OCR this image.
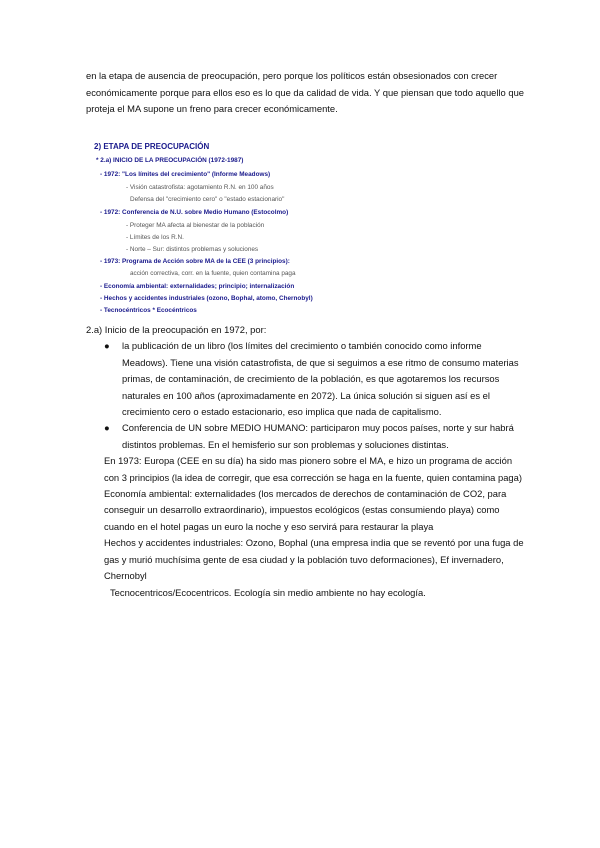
en la etapa de ausencia de preocupación, pero porque los políticos están obsesionados con crecer económicamente porque para ellos eso es lo que da calidad de vida. Y que piensan que todo aquello que proteja el MA supone un freno para crecer económicamente.

2) ETAPA DE PREOCUPACIÓN
* 2.a) INICIO DE LA PREOCUPACIÓN (1972-1987)
- 1972: "Los límites del crecimiento" (Informe Meadows)
- Visión catastrofista: agotamiento R.N. en 100 años
Defensa del "crecimiento cero" o "estado estacionario"
- 1972: Conferencia de N.U. sobre Medio Humano (Estocolmo)
- Proteger MA afecta al bienestar de la población
- Límites de los R.N.
- Norte – Sur: distintos problemas y soluciones
- 1973: Programa de Acción sobre MA de la CEE (3 principios):
acción correctiva, corr. en la fuente, quien contamina paga
- Economía ambiental: externalidades; principio; internalización
- Hechos y accidentes industriales (ozono, Bophal, atomo, Chernobyl)
- Tecnocéntricos * Ecocéntricos

2.a) Inicio de la preocupación en 1972, por:

● la publicación de un libro (los límites del crecimiento o también conocido como informe Meadows). Tiene una visión catastrofista, de que si seguimos a ese ritmo de consumo materias primas, de contaminación, de crecimiento de la población, es que agotaremos los recursos naturales en 100 años (aproximadamente en 2072). La única solución si siguen así es el crecimiento cero o estado estacionario, eso implica que nada de capitalismo.
● Conferencia de UN sobre MEDIO HUMANO: participaron muy pocos países, norte y sur habrá distintos problemas. En el hemisferio sur son problemas y soluciones distintas.

En 1973: Europa (CEE en su día) ha sido mas pionero sobre el MA, e hizo un programa de acción con 3 principios (la idea de corregir, que esa corrección se haga en la fuente, quien contamina paga)

Economía ambiental: externalidades (los mercados de derechos de contaminación de CO2, para conseguir un desarrollo extraordinario), impuestos ecológicos (estas consumiendo playa) como cuando en el hotel pagas un euro la noche y eso servirá para restaurar la playa

Hechos y accidentes industriales: Ozono, Bophal (una empresa india que se reventó por una fuga de gas y murió muchísima gente de esa ciudad y la población tuvo deformaciones), Ef invernadero, Chernobyl

Tecnocentricos/Ecocentricos. Ecología sin medio ambiente no hay ecología.
